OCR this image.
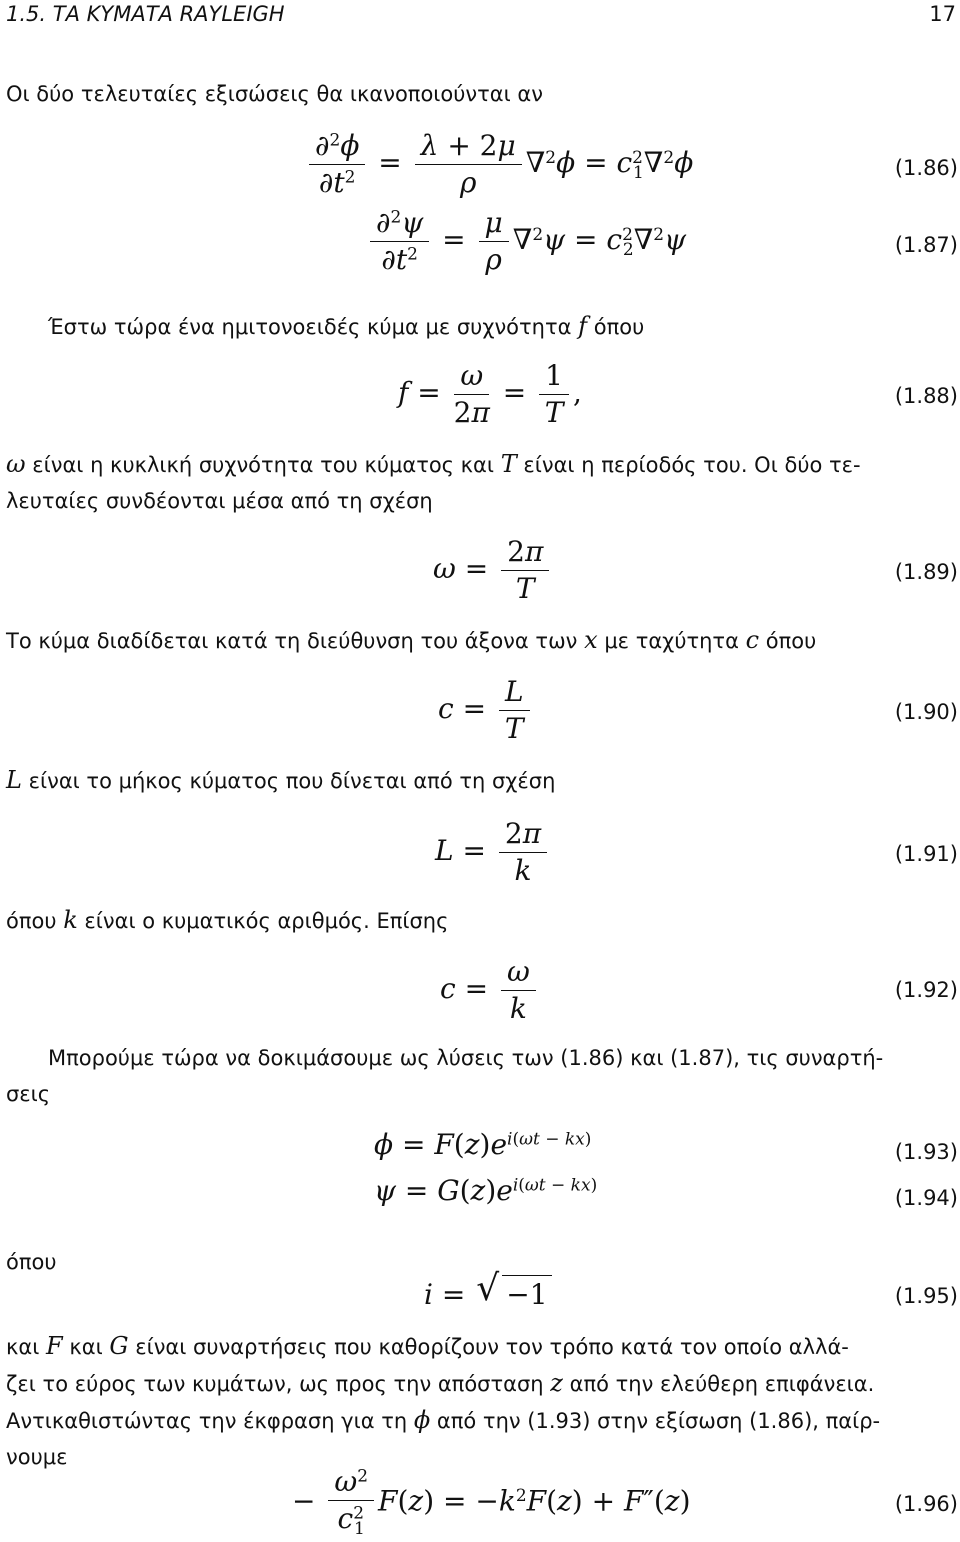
1.5. ΤΑ ΚΥΜΑΤΑ RAYLEIGH	17
Οι δύο τελευταίες εξισώσεις θα ικανοποιούνται αν
$\frac{\partial^2\phi}{\partial t^2} = \frac{\lambda + 2\mu}{\rho} \nabla^2\phi = c^2_1\nabla^2\phi$	(1.86)
$\frac{\partial^2\psi}{\partial t^2} = \frac{\mu}{\rho} \nabla^2\psi = c^2_2\nabla^2\psi$	(1.87)
Έστω τώρα ένα ημιτονοειδές κύμα με συχνότητα f όπου
$f = \frac{\omega}{2\pi} = \frac{1}{T}$ ,	(1.88)
ω είναι η κυκλική συχνότητα του κύματος και T είναι η περίοδός του. Οι δύο τε-
λευταίες συνδέονται μέσα από τη σχέση
$\omega = \frac{2\pi}{T}$	(1.89)
Το κύμα διαδίδεται κατά τη διεύθυνση του άξονα των x με ταχύτητα c όπου
$c = \frac{L}{T}$	(1.90)
L είναι το μήκος κύματος που δίνεται από τη σχέση
$L = \frac{2\pi}{k}$	(1.91)
όπου k είναι ο κυματικός αριθμός. Επίσης
$c = \frac{\omega}{k}$	(1.92)
Μπορούμε τώρα να δοκιμάσουμε ως λύσεις των (1.86) και (1.87), τις συναρτή-
σεις
$\phi = F(z)e^{i(\omega t - kx)}$
(1.93)
$\psi = G(z)e^{i(\omega t - kx)}$
(1.94)
όπου
i = √ −1	(1.95)
και F και G είναι συναρτήσεις που καθορίζουν τον τρόπο κατά τον οποίο αλλά-
ζει το εύρος των κυμάτων, ως προς την απόσταση z από την ελεύθερη επιφάνεια.
Αντικαθιστώντας την έκφραση για τη ϕ από την (1.93) στην εξίσωση (1.86), παίρ-
νουμε
− $\frac{\omega^2}{c^2_1} F(z) = -k^2F(z) + F''(z)$	(1.96)
